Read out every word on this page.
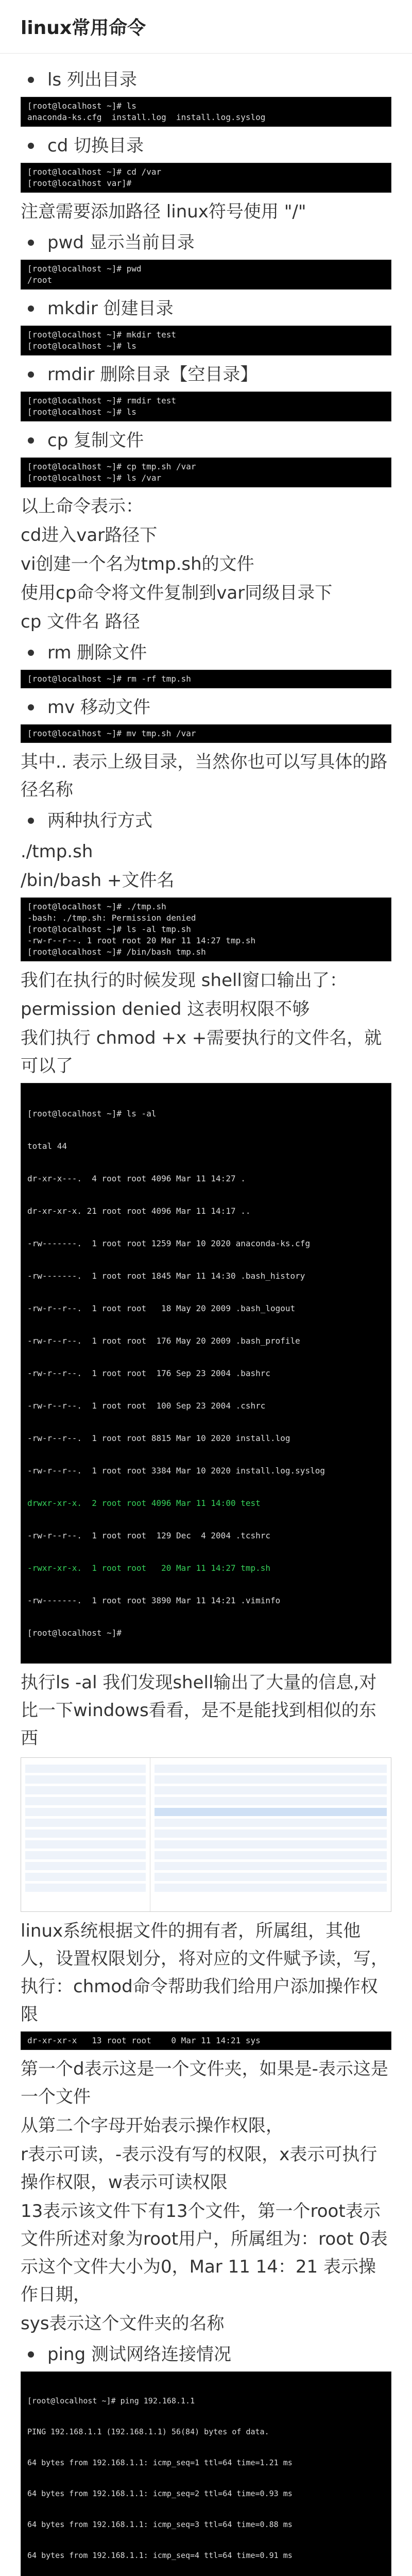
linux常用命令
ls 列出目录
[root@localhost ~]# ls
anaconda-ks.cfg  install.log  install.log.syslog
cd 切换目录
[root@localhost ~]# cd /var
[root@localhost var]#
注意需要添加路径 linux符号使用 "/"
pwd 显示当前目录
[root@localhost ~]# pwd
/root
mkdir 创建目录
[root@localhost ~]# mkdir test
[root@localhost ~]# ls
rmdir 删除目录【空目录】
[root@localhost ~]# rmdir test
[root@localhost ~]# ls
cp 复制文件
[root@localhost ~]# cp tmp.sh /var
[root@localhost ~]# ls /var
以上命令表示：
cd进入var路径下
vi创建一个名为tmp.sh的文件
使用cp命令将文件复制到var同级目录下
cp 文件名 路径
rm 删除文件
[root@localhost ~]# rm -rf tmp.sh
mv 移动文件
[root@localhost ~]# mv tmp.sh /var
其中.. 表示上级目录，当然你也可以写具体的路径名称
两种执行方式
./tmp.sh
/bin/bash +文件名
[root@localhost ~]# ./tmp.sh
-bash: ./tmp.sh: Permission denied
[root@localhost ~]# ls -al tmp.sh
-rw-r--r--. 1 root root 20 Mar 11 14:27 tmp.sh
[root@localhost ~]# /bin/bash tmp.sh
我们在执行的时候发现 shell窗口输出了：
permission denied 这表明权限不够
我们执行 chmod +x +需要执行的文件名，就可以了

[root@localhost ~]# ls -al

total 44

dr-xr-x---.  4 root root 4096 Mar 11 14:27 .

dr-xr-xr-x. 21 root root 4096 Mar 11 14:17 ..

-rw-------.  1 root root 1259 Mar 10 2020 anaconda-ks.cfg

-rw-------.  1 root root 1845 Mar 11 14:30 .bash_history

-rw-r--r--.  1 root root   18 May 20 2009 .bash_logout

-rw-r--r--.  1 root root  176 May 20 2009 .bash_profile

-rw-r--r--.  1 root root  176 Sep 23 2004 .bashrc

-rw-r--r--.  1 root root  100 Sep 23 2004 .cshrc

-rw-r--r--.  1 root root 8815 Mar 10 2020 install.log

-rw-r--r--.  1 root root 3384 Mar 10 2020 install.log.syslog

drwxr-xr-x.  2 root root 4096 Mar 11 14:00 test

-rw-r--r--.  1 root root  129 Dec  4 2004 .tcshrc

-rwxr-xr-x.  1 root root   20 Mar 11 14:27 tmp.sh

-rw-------.  1 root root 3890 Mar 11 14:21 .viminfo

[root@localhost ~]#

执行ls -al 我们发现shell输出了大量的信息,对比一下windows看看，是不是能找到相似的东西
linux系统根据文件的拥有者，所属组，其他人，设置权限划分，将对应的文件赋予读，写，执行：chmod命令帮助我们给用户添加操作权限
dr-xr-xr-x   13 root root    0 Mar 11 14:21 sys
第一个d表示这是一个文件夹，如果是-表示这是一个文件
从第二个字母开始表示操作权限，
r表示可读，-表示没有写的权限，x表示可执行操作权限，w表示可读权限
13表示该文件下有13个文件，第一个root表示文件所述对象为root用户，所属组为：root 0表示这个文件大小为0，Mar 11 14：21 表示操作日期，
sys表示这个文件夹的名称
ping 测试网络连接情况

[root@localhost ~]# ping 192.168.1.1

PING 192.168.1.1 (192.168.1.1) 56(84) bytes of data.

64 bytes from 192.168.1.1: icmp_seq=1 ttl=64 time=1.21 ms

64 bytes from 192.168.1.1: icmp_seq=2 ttl=64 time=0.93 ms

64 bytes from 192.168.1.1: icmp_seq=3 ttl=64 time=0.88 ms

64 bytes from 192.168.1.1: icmp_seq=4 ttl=64 time=0.91 ms
